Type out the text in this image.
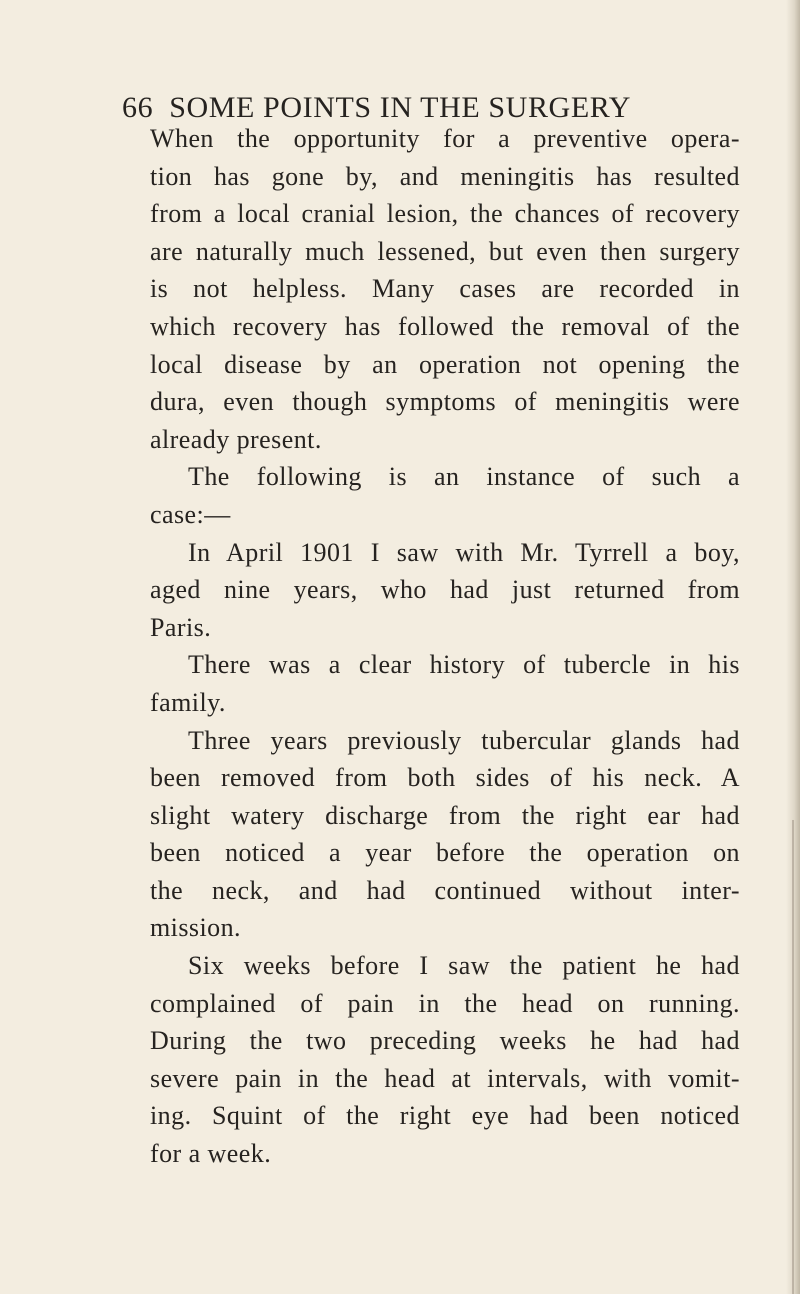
66 SOME POINTS IN THE SURGERY

When the opportunity for a preventive opera-
tion has gone by, and meningitis has resulted
from a local cranial lesion, the chances of recovery
are naturally much lessened, but even then surgery
is not helpless. Many cases are recorded in
which recovery has followed the removal of the
local disease by an operation not opening the
dura, even though symptoms of meningitis were
already present.

The following is an instance of such a
case:—

In April 1901 I saw with Mr. Tyrrell a boy,
aged nine years, who had just returned from
Paris.

There was a clear history of tubercle in his
family.

Three years previously tubercular glands had
been removed from both sides of his neck. A
slight watery discharge from the right ear had
been noticed a year before the operation on
the neck, and had continued without inter-
mission.

Six weeks before I saw the patient he had
complained of pain in the head on running.
During the two preceding weeks he had had
severe pain in the head at intervals, with vomit-
ing. Squint of the right eye had been noticed
for a week.
